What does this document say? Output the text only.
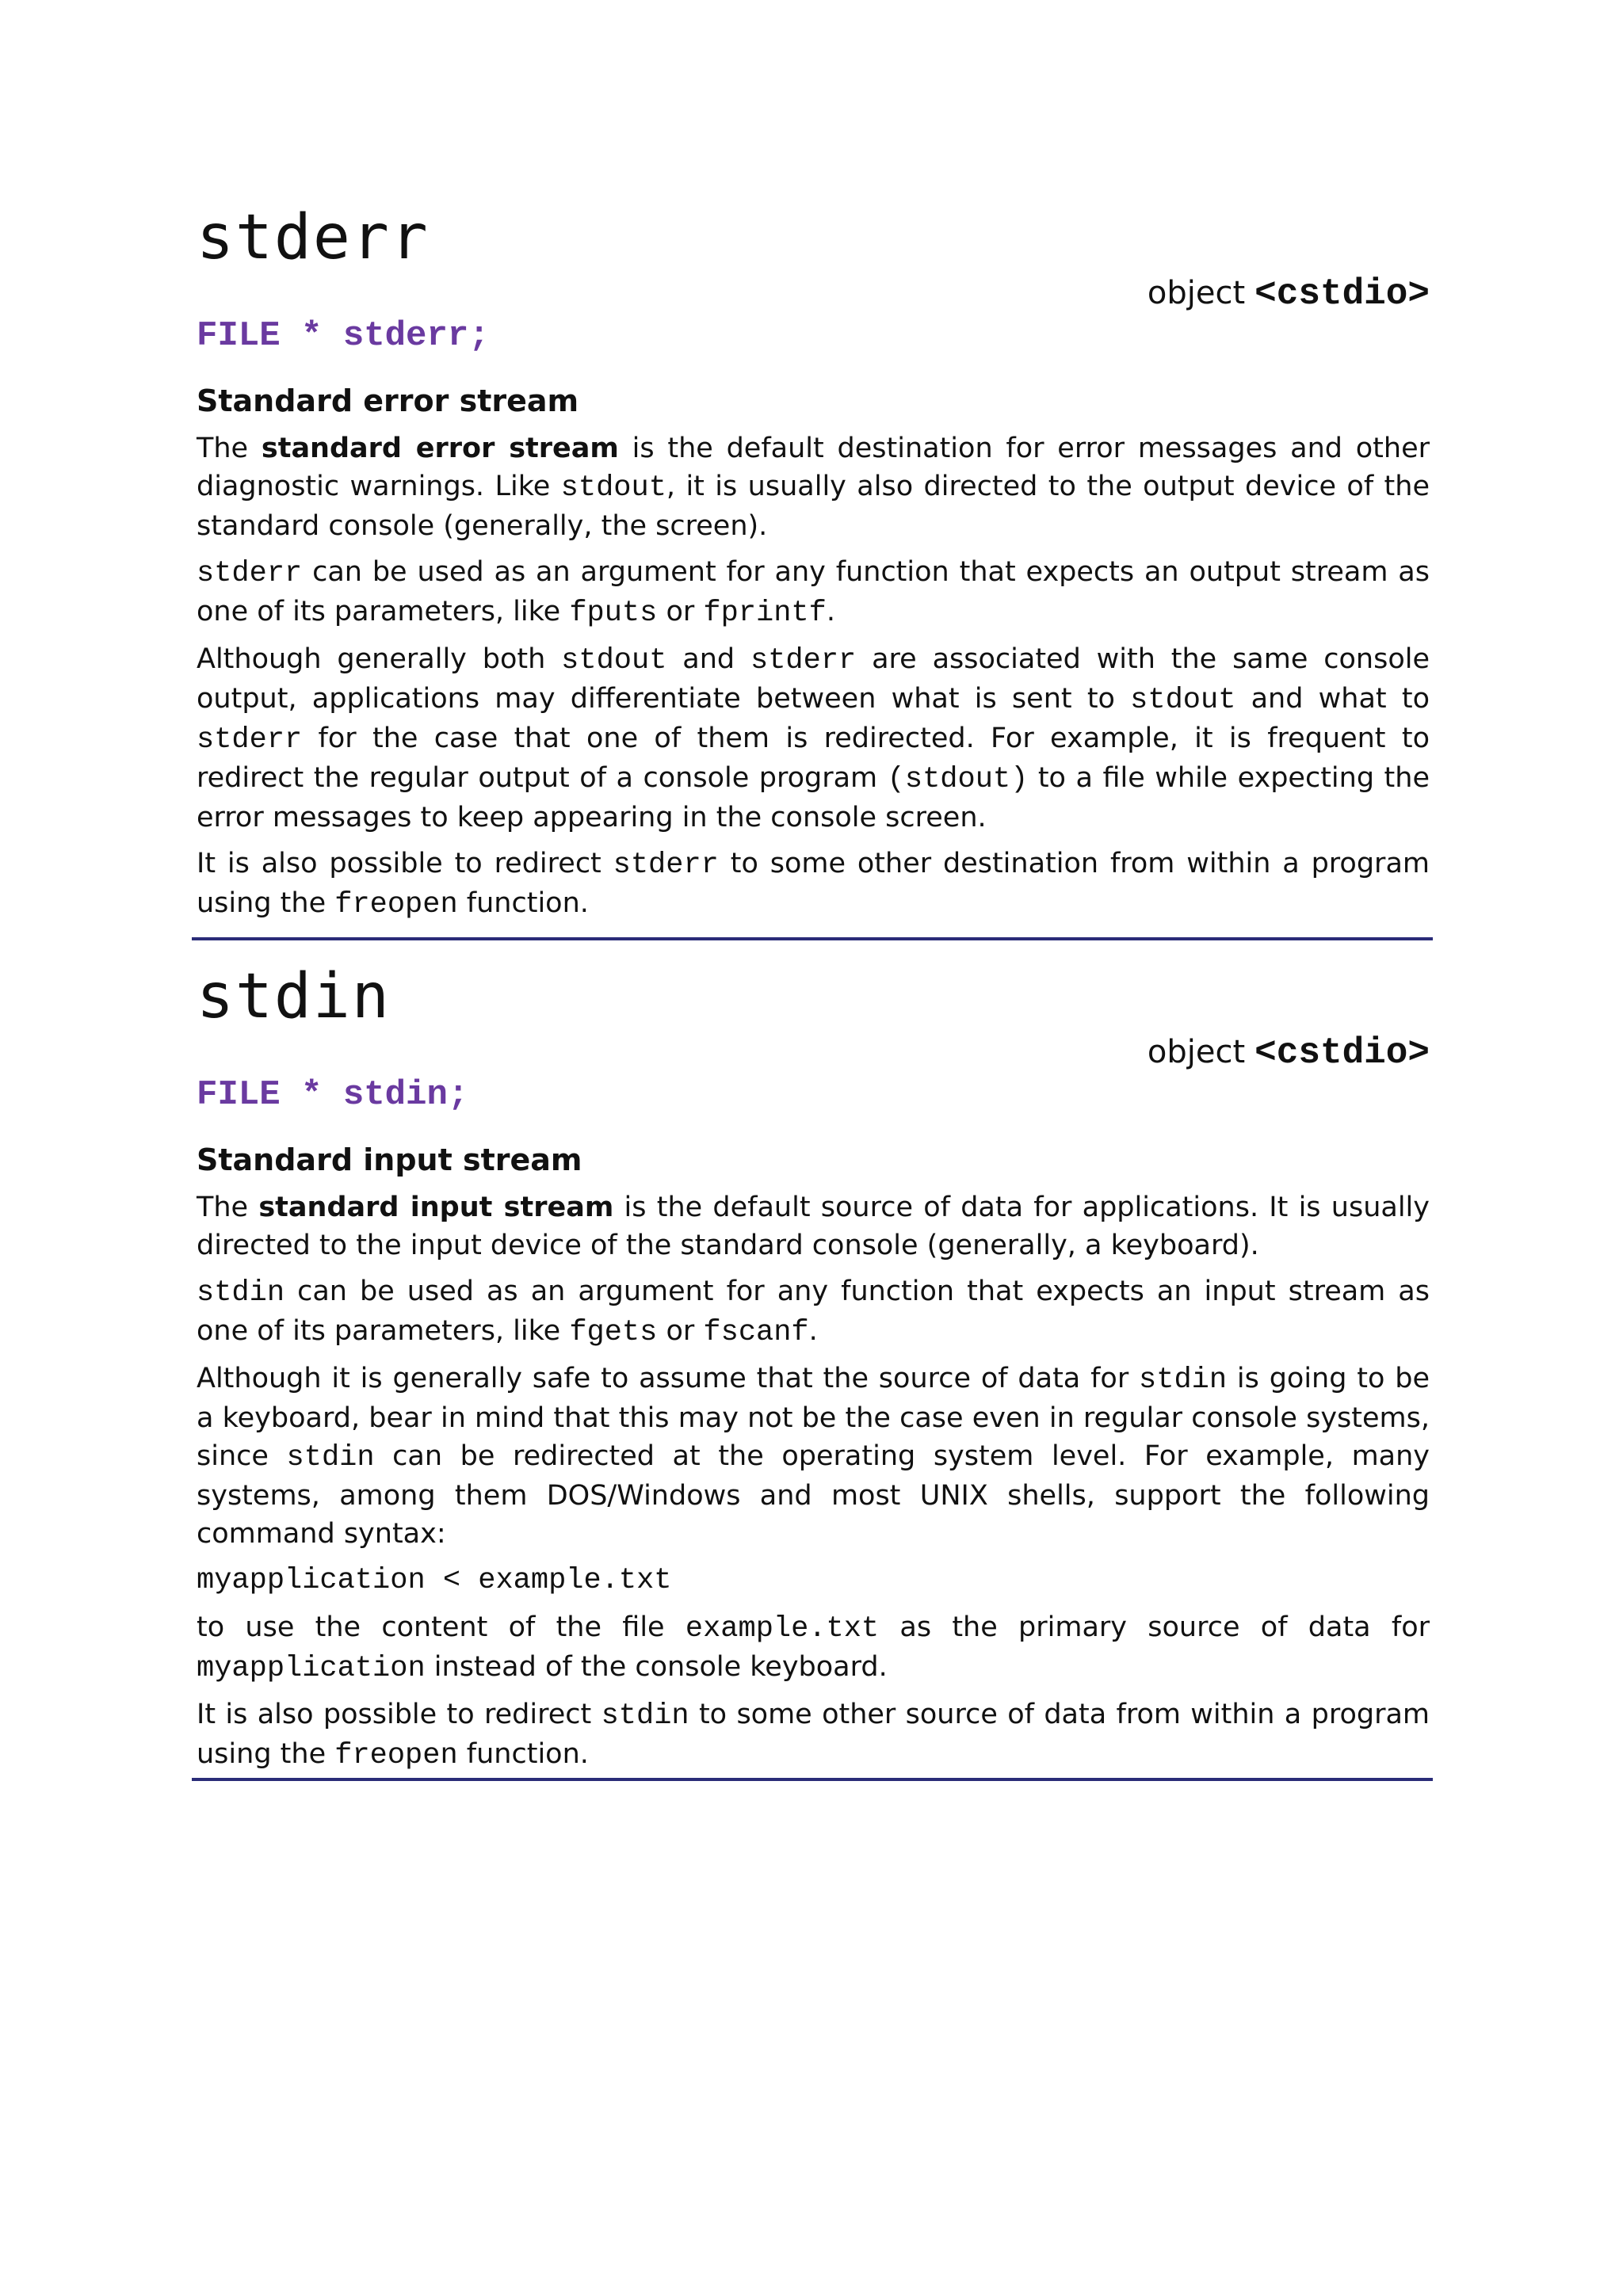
stderr
object <cstdio>
FILE * stderr;
Standard error stream

The standard error stream is the default destination for error messages and other diagnostic warnings. Like stdout, it is usually also directed to the output device of the standard console (generally, the screen).

stderr can be used as an argument for any function that expects an output stream as one of its parameters, like fputs or fprintf.

Although generally both stdout and stderr are associated with the same console output, applications may differentiate between what is sent to stdout and what to stderr for the case that one of them is redirected. For example, it is frequent to redirect the regular output of a console program (stdout) to a file while expecting the error messages to keep appearing in the console screen.

It is also possible to redirect stderr to some other destination from within a program using the freopen function.

stdin
object <cstdio>
FILE * stdin;
Standard input stream

The standard input stream is the default source of data for applications. It is usually directed to the input device of the standard console (generally, a keyboard).

stdin can be used as an argument for any function that expects an input stream as one of its parameters, like fgets or fscanf.

Although it is generally safe to assume that the source of data for stdin is going to be a keyboard, bear in mind that this may not be the case even in regular console systems, since stdin can be redirected at the operating system level. For example, many systems, among them DOS/Windows and most UNIX shells, support the following command syntax:

myapplication < example.txt

to use the content of the file example.txt as the primary source of data for myapplication instead of the console keyboard.

It is also possible to redirect stdin to some other source of data from within a program using the freopen function.
